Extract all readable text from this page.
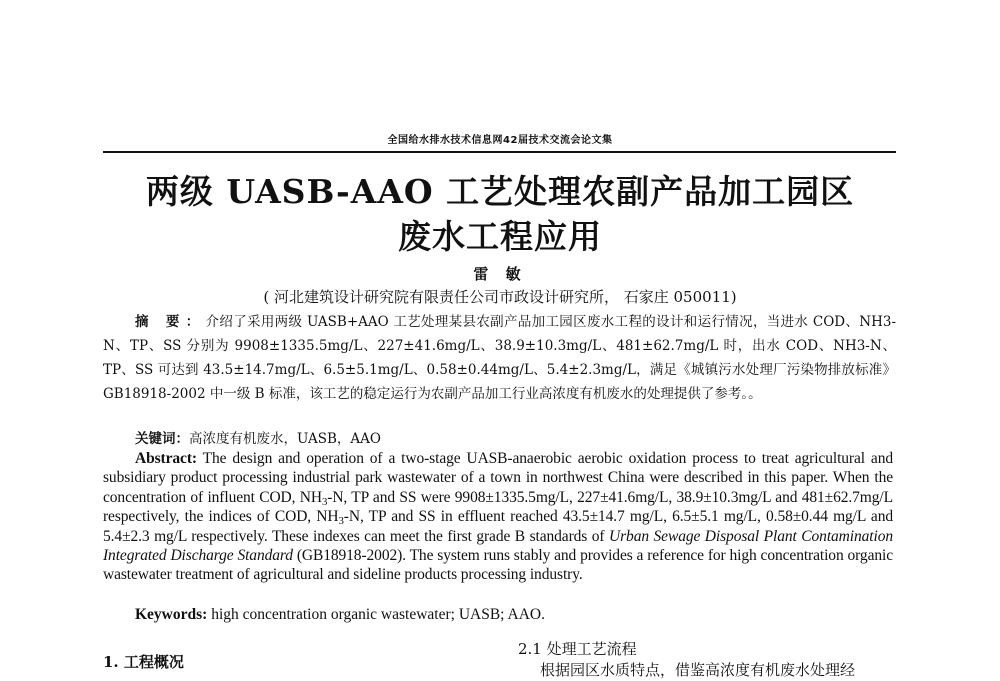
全国给水排水技术信息网42届技术交流会论文集
两级 UASB-AAO 工艺处理农副产品加工园区
废水工程应用
雷 敏
( 河北建筑设计研究院有限责任公司市政设计研究所， 石家庄 050011)
摘 要：介绍了采用两级 UASB+AAO 工艺处理某县农副产品加工园区废水工程的设计和运行情况，当进水 COD、NH3-N、TP、SS 分别为 9908±1335.5mg/L、227±41.6mg/L、38.9±10.3mg/L、481±62.7mg/L 时，出水 COD、NH3-N、TP、SS 可达到 43.5±14.7mg/L、6.5±5.1mg/L、0.58±0.44mg/L、5.4±2.3mg/L，满足《城镇污水处理厂污染物排放标准》GB18918-2002 中一级 B 标准，该工艺的稳定运行为农副产品加工行业高浓度有机废水的处理提供了参考。。
关键词：高浓度有机废水，UASB，AAO
Abstract: The design and operation of a two-stage UASB-anaerobic aerobic oxidation process to treat agricultural and subsidiary product processing industrial park wastewater of a town in northwest China were described in this paper. When the concentration of influent COD, $NH_3-N$, TP and SS were 9908±1335.5mg/L, 227±41.6mg/L, 38.9±10.3mg/L and 481±62.7mg/L respectively, the indices of COD, $NH_3-N$, TP and SS in effluent reached 43.5±14.7 mg/L, 6.5±5.1 mg/L, 0.58±0.44 mg/L and 5.4±2.3 mg/L respectively. These indexes can meet the first grade B standards of Urban Sewage Disposal Plant Contamination Integrated Discharge Standard (GB18918-2002). The system runs stably and provides a reference for high concentration organic wastewater treatment of agricultural and sideline products processing industry.
Keywords: high concentration organic wastewater; UASB; AAO.
1. 工程概况
2.1 处理工艺流程
根据园区水质特点，借鉴高浓度有机废水处理经
